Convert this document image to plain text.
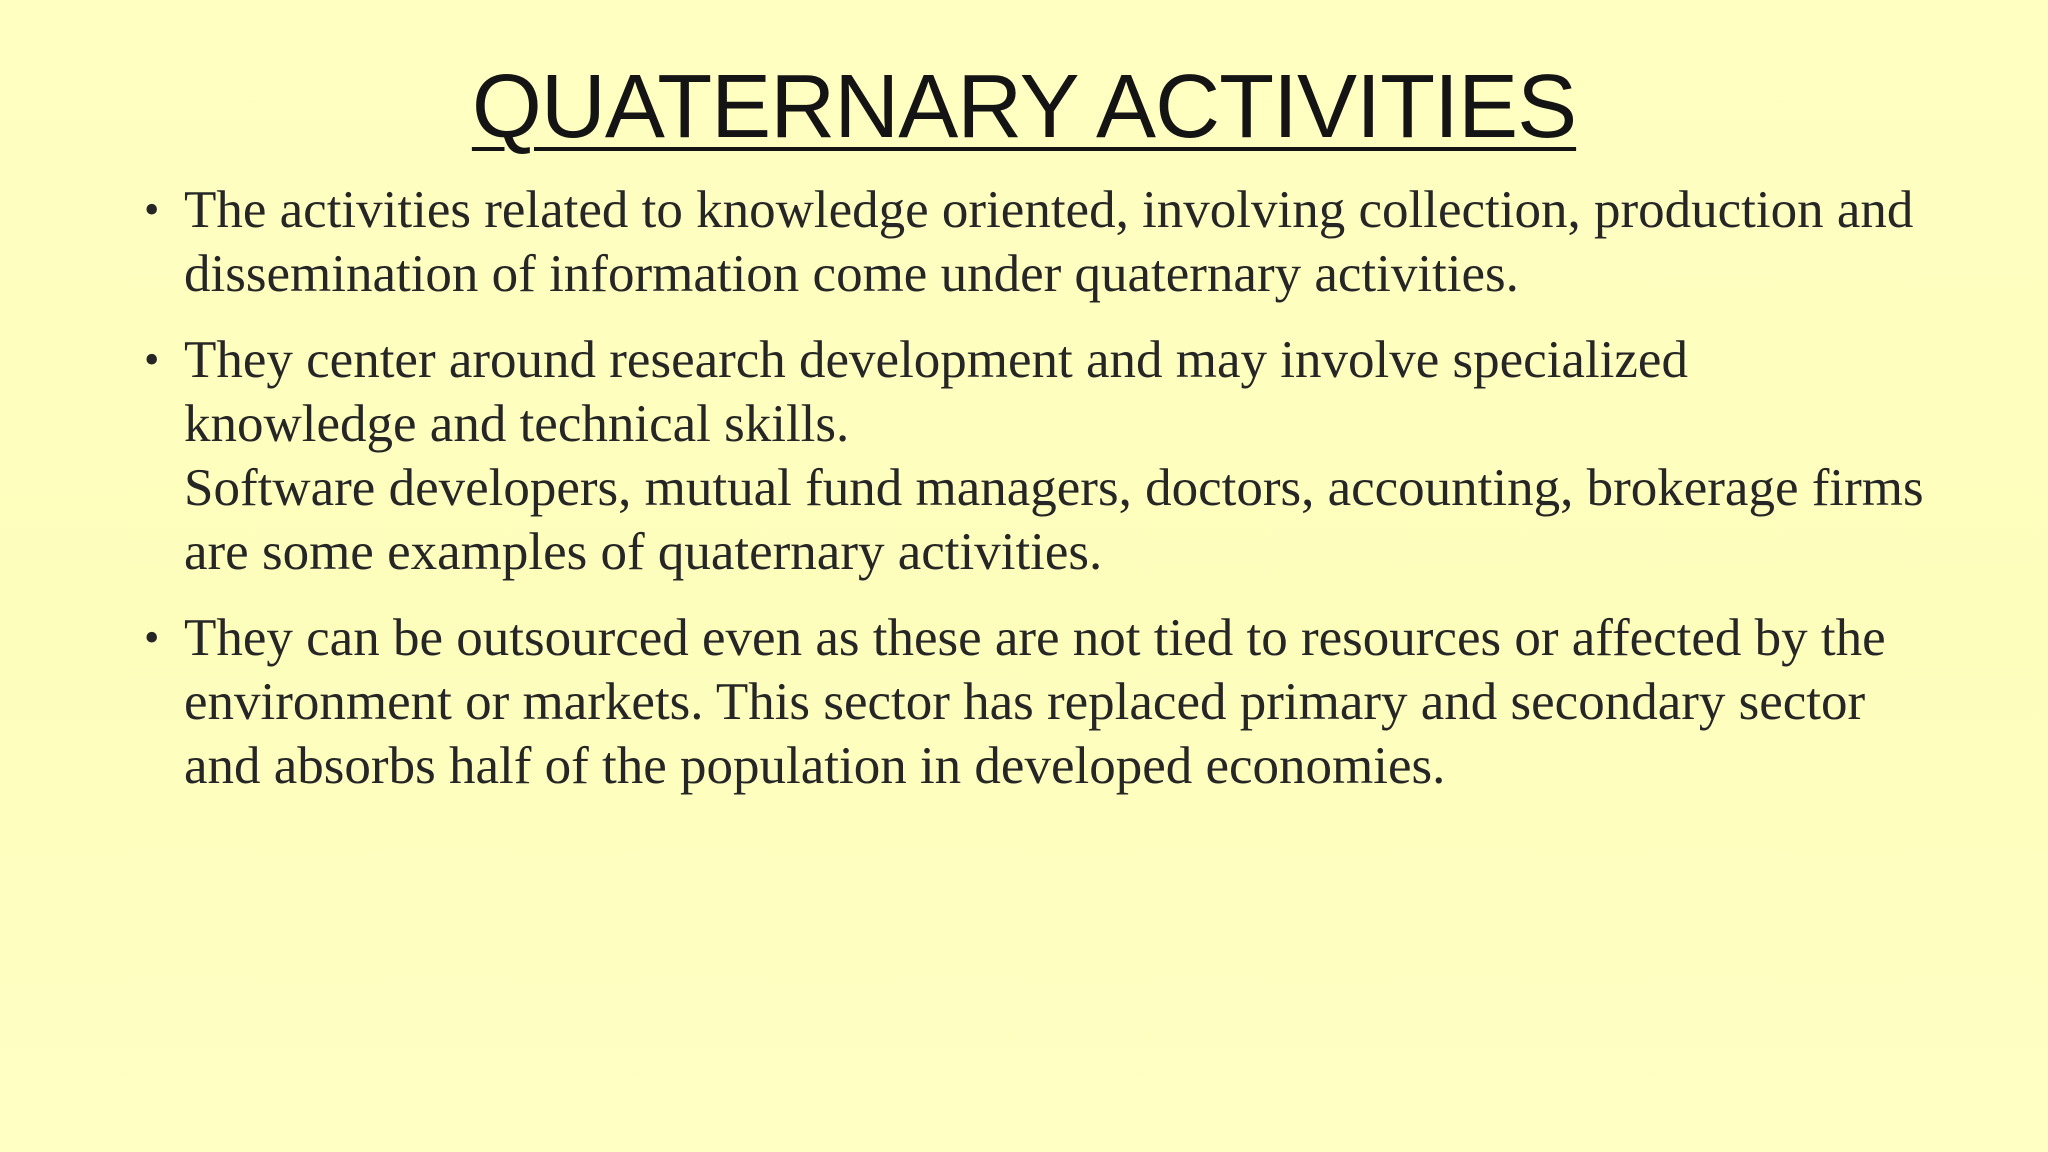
QUATERNARY ACTIVITIES
• The activities related to knowledge oriented, involving collection, production and dissemination of information come under quaternary activities.
• They center around research development and may involve specialized knowledge and technical skills.
Software developers, mutual fund managers, doctors, accounting, brokerage firms are some examples of quaternary activities.
• They can be outsourced even as these are not tied to resources or affected by the environment or markets. This sector has replaced primary and secondary sector and absorbs half of the population in developed economies.
